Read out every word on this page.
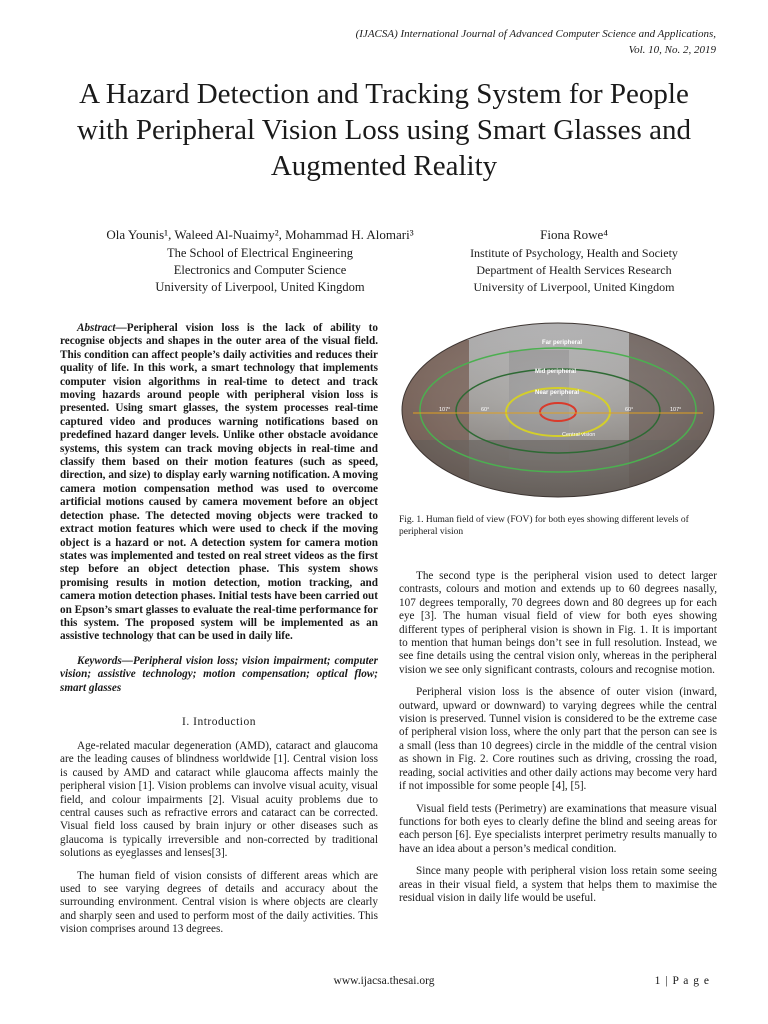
(IJACSA) International Journal of Advanced Computer Science and Applications,
Vol. 10, No. 2, 2019
A Hazard Detection and Tracking System for People
with Peripheral Vision Loss using Smart Glasses and
Augmented Reality
Ola Younis¹, Waleed Al-Nuaimy², Mohammad H. Alomari³
The School of Electrical Engineering
Electronics and Computer Science
University of Liverpool, United Kingdom
Fiona Rowe⁴
Institute of Psychology, Health and Society
Department of Health Services Research
University of Liverpool, United Kingdom
Abstract—Peripheral vision loss is the lack of ability to recognise objects and shapes in the outer area of the visual field. This condition can affect people’s daily activities and reduces their quality of life. In this work, a smart technology that implements computer vision algorithms in real-time to detect and track moving hazards around people with peripheral vision loss is presented. Using smart glasses, the system processes real-time captured video and produces warning notifications based on predefined hazard danger levels. Unlike other obstacle avoidance systems, this system can track moving objects in real-time and classify them based on their motion features (such as speed, direction, and size) to display early warning notification. A moving camera motion compensation method was used to overcome artificial motions caused by camera movement before an object detection phase. The detected moving objects were tracked to extract motion features which were used to check if the moving object is a hazard or not. A detection system for camera motion states was implemented and tested on real street videos as the first step before an object detection phase. This system shows promising results in motion detection, motion tracking, and camera motion detection phases. Initial tests have been carried out on Epson’s smart glasses to evaluate the real-time performance for this system. The proposed system will be implemented as an assistive technology that can be used in daily life.
Keywords—Peripheral vision loss; vision impairment; computer vision; assistive technology; motion compensation; optical flow; smart glasses
I. Introduction

Age-related macular degeneration (AMD), cataract and glaucoma are the leading causes of blindness worldwide [1]. Central vision loss is caused by AMD and cataract while glaucoma affects mainly the peripheral vision [1]. Vision problems can involve visual acuity, visual field, and colour impairments [2]. Visual acuity problems due to central causes such as refractive errors and cataract can be corrected. Visual field loss caused by brain injury or other diseases such as glaucoma is typically irreversible and non-corrected by traditional solutions as eyeglasses and lenses[3].

The human field of vision consists of different areas which are used to see varying degrees of details and accuracy about the surrounding environment. Central vision is where objects are clearly and sharply seen and used to perform most of the daily activities. This vision comprises around 13 degrees.

Far peripheral
Mid peripheral
Near peripheral
Central vision
107°	60°	60°	107°
Fig. 1. Human field of view (FOV) for both eyes showing different levels of peripheral vision

The second type is the peripheral vision used to detect larger contrasts, colours and motion and extends up to 60 degrees nasally, 107 degrees temporally, 70 degrees down and 80 degrees up for each eye [3]. The human visual field of view for both eyes showing different types of peripheral vision is shown in Fig. 1. It is important to mention that human beings don’t see in full resolution. Instead, we see fine details using the central vision only, whereas in the peripheral vision we see only significant contrasts, colours and recognise motion.

Peripheral vision loss is the absence of outer vision (inward, outward, upward or downward) to varying degrees while the central vision is preserved. Tunnel vision is considered to be the extreme case of peripheral vision loss, where the only part that the person can see is a small (less than 10 degrees) circle in the middle of the central vision as shown in Fig. 2. Core routines such as driving, crossing the road, reading, social activities and other daily actions may become very hard if not impossible for some people [4], [5].

Visual field tests (Perimetry) are examinations that measure visual functions for both eyes to clearly define the blind and seeing areas for each person [6]. Eye specialists interpret perimetry results manually to have an idea about a person’s medical condition.

Since many people with peripheral vision loss retain some seeing areas in their visual field, a system that helps them to maximise the residual vision in daily life would be useful.

www.ijacsa.thesai.org	1 | P a g e
